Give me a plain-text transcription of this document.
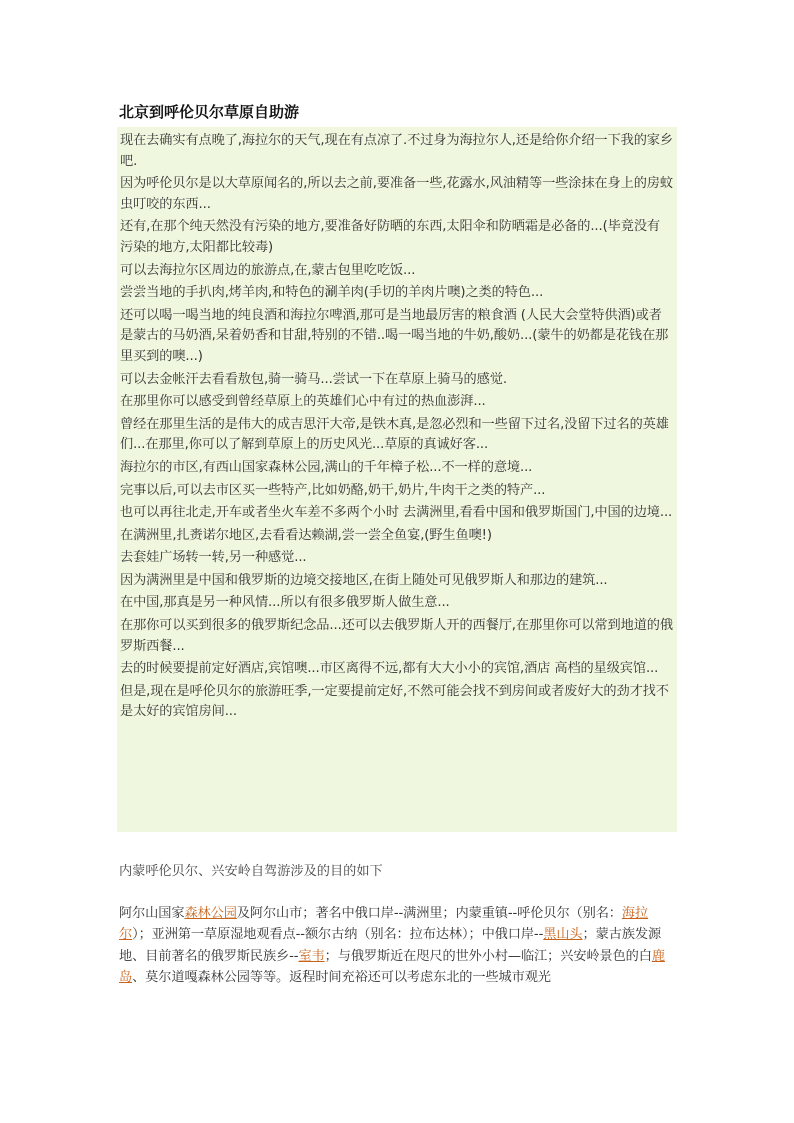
北京到呼伦贝尔草原自助游

现在去确实有点晚了,海拉尔的天气,现在有点凉了.不过身为海拉尔人,还是给你介绍一下我的家乡吧.

因为呼伦贝尔是以大草原闻名的,所以去之前,要准备一些,花露水,风油精等一些涂抹在身上的房蚊虫叮咬的东西...

还有,在那个纯天然没有污染的地方,要准备好防晒的东西,太阳伞和防晒霜是必备的...(毕竟没有污染的地方,太阳都比较毒)

可以去海拉尔区周边的旅游点,在,蒙古包里吃吃饭...

尝尝当地的手扒肉,烤羊肉,和特色的涮羊肉(手切的羊肉片噢)之类的特色...

还可以喝一喝当地的纯良酒和海拉尔啤酒,那可是当地最厉害的粮食酒 (人民大会堂特供酒)或者是蒙古的马奶酒,呆着奶香和甘甜,特别的不错..喝一喝当地的牛奶,酸奶...(蒙牛的奶都是花钱在那里买到的噢...)

可以去金帐汗去看看敖包,骑一骑马...尝试一下在草原上骑马的感觉.

在那里你可以感受到曾经草原上的英雄们心中有过的热血澎湃...

曾经在那里生活的是伟大的成吉思汗大帝,是铁木真,是忽必烈和一些留下过名,没留下过名的英雄们...在那里,你可以了解到草原上的历史风光...草原的真诚好客...

海拉尔的市区,有西山国家森林公园,满山的千年樟子松...不一样的意境...

完事以后,可以去市区买一些特产,比如奶酪,奶干,奶片,牛肉干之类的特产...

也可以再往北走,开车或者坐火车差不多两个小时 去满洲里,看看中国和俄罗斯国门,中国的边境...

在满洲里,扎赉诺尔地区,去看看达赖湖,尝一尝全鱼宴,(野生鱼噢!)

去套娃广场转一转,另一种感觉...

因为满洲里是中国和俄罗斯的边境交接地区,在街上随处可见俄罗斯人和那边的建筑...

在中国,那真是另一种风情...所以有很多俄罗斯人做生意...

在那你可以买到很多的俄罗斯纪念品...还可以去俄罗斯人开的西餐厅,在那里你可以常到地道的俄罗斯西餐...

去的时候要提前定好酒店,宾馆噢...市区离得不远,都有大大小小的宾馆,酒店 高档的星级宾馆...

但是,现在是呼伦贝尔的旅游旺季,一定要提前定好,不然可能会找不到房间或者废好大的劲才找不是太好的宾馆房间...

内蒙呼伦贝尔、兴安岭自驾游涉及的目的如下

阿尔山国家森林公园及阿尔山市；著名中俄口岸--满洲里；内蒙重镇--呼伦贝尔（别名：海拉尔）；亚洲第一草原湿地观看点--额尔古纳（别名：拉布达林）；中俄口岸--黑山头；蒙古族发源地、目前著名的俄罗斯民族乡--室韦；与俄罗斯近在咫尺的世外小村—临江；兴安岭景色的白鹿岛、莫尔道嘎森林公园等等。返程时间充裕还可以考虑东北的一些城市观光
